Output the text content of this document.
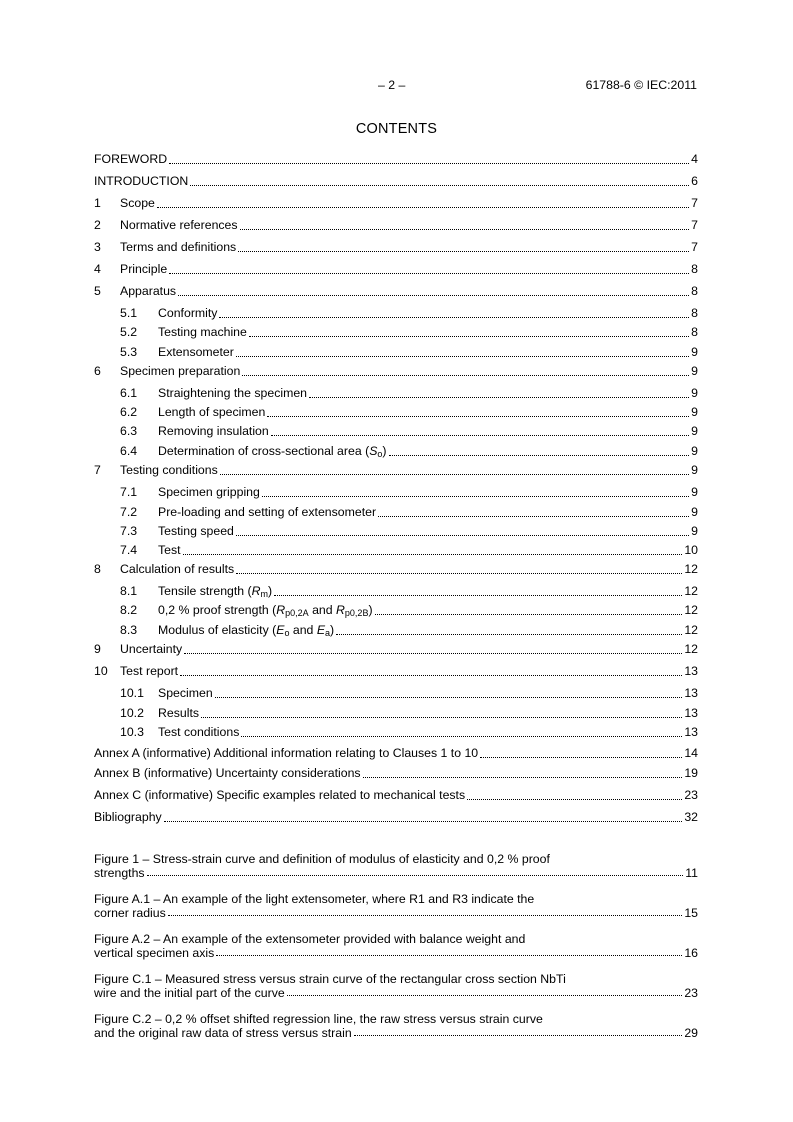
– 2 –	61788-6 © IEC:2011
CONTENTS
FOREWORD	4
INTRODUCTION	6
1	Scope	7
2	Normative references	7
3	Terms and definitions	7
4	Principle	8
5	Apparatus	8
5.1	Conformity	8
5.2	Testing machine	8
5.3	Extensometer	9
6	Specimen preparation	9
6.1	Straightening the specimen	9
6.2	Length of specimen	9
6.3	Removing insulation	9
6.4	Determination of cross-sectional area $(S_o)$	9
7	Testing conditions	9
7.1	Specimen gripping	9
7.2	Pre-loading and setting of extensometer	9
7.3	Testing speed	9
7.4	Test	10
8	Calculation of results	12
8.1	Tensile strength $(R_m)$	12
8.2	0,2 % proof strength ($R_{p0,2A}$ and $R_{p0,2B}$)	12
8.3	Modulus of elasticity ($E_o$ and $E_a$)	12
9	Uncertainty	12
10	Test report	13
10.1	Specimen	13
10.2	Results	13
10.3	Test conditions	13
Annex A (informative) Additional information relating to Clauses 1 to 10	14
Annex B (informative) Uncertainty considerations	19
Annex C (informative) Specific examples related to mechanical tests	23
Bibliography	32
Figure 1 – Stress-strain curve and definition of modulus of elasticity and 0,2 % proof
strengths	11
Figure A.1 – An example of the light extensometer, where R1 and R3 indicate the
corner radius	15
Figure A.2 – An example of the extensometer provided with balance weight and
vertical specimen axis	16
Figure C.1 – Measured stress versus strain curve of the rectangular cross section NbTi
wire and the initial part of the curve	23
Figure C.2 – 0,2 % offset shifted regression line, the raw stress versus strain curve
and the original raw data of stress versus strain	29
